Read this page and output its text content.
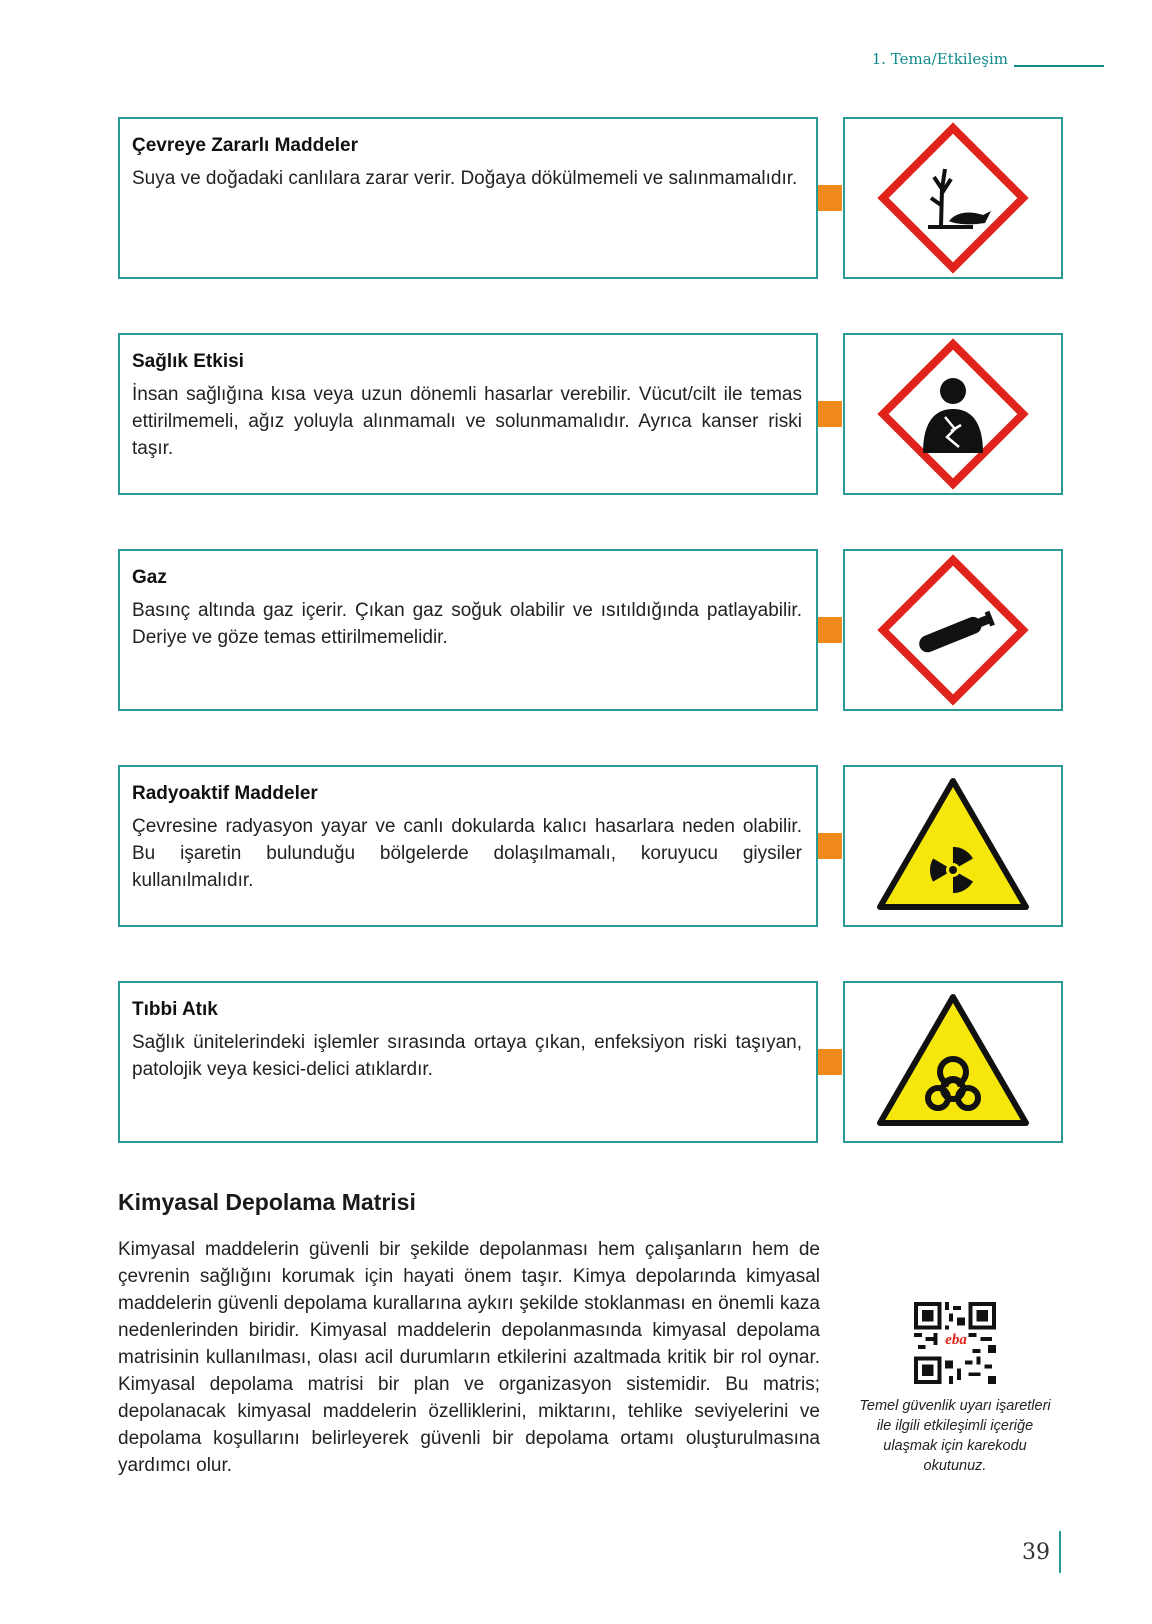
1. Tema/Etkileşim
Çevreye Zararlı Maddeler
Suya ve doğadaki canlılara zarar verir. Doğaya dökülmemeli ve salınmamalıdır.
Sağlık Etkisi
İnsan sağlığına kısa veya uzun dönemli hasarlar verebilir. Vücut/cilt ile temas ettirilmemeli, ağız yoluyla alınmamalı ve solunmamalıdır. Ayrıca kanser riski taşır.
Gaz
Basınç altında gaz içerir. Çıkan gaz soğuk olabilir ve ısıtıldığında patlayabilir. Deriye ve göze temas ettirilmemelidir.
Radyoaktif Maddeler
Çevresine radyasyon yayar ve canlı dokularda kalıcı hasarlara neden olabilir. Bu işaretin bulunduğu bölgelerde dolaşılmamalı, koruyucu giysiler kullanılmalıdır.
Tıbbi Atık
Sağlık ünitelerindeki işlemler sırasında ortaya çıkan, enfeksiyon riski taşıyan, patolojik veya kesici-delici atıklardır.
Kimyasal Depolama Matrisi
Kimyasal maddelerin güvenli bir şekilde depolanması hem çalışanların hem de çevrenin sağlığını korumak için hayati önem taşır. Kimya depolarında kimyasal maddelerin güvenli depolama kurallarına aykırı şekilde stoklanması en önemli kaza nedenlerinden biridir. Kimyasal maddelerin depolanmasında kimyasal depolama matrisinin kullanılması, olası acil durumların etkilerini azaltmada kritik bir rol oynar. Kimyasal depolama matrisi bir plan ve organizasyon sistemidir. Bu matris; depolanacak kimyasal maddelerin özelliklerini, miktarını, tehlike seviyelerini ve depolama koşullarını belirleyerek güvenli bir depolama ortamı oluşturulmasına yardımcı olur.
eba
Temel güvenlik uyarı işaretleri ile ilgili etkileşimli içeriğe ulaşmak için karekodu okutunuz.
39
